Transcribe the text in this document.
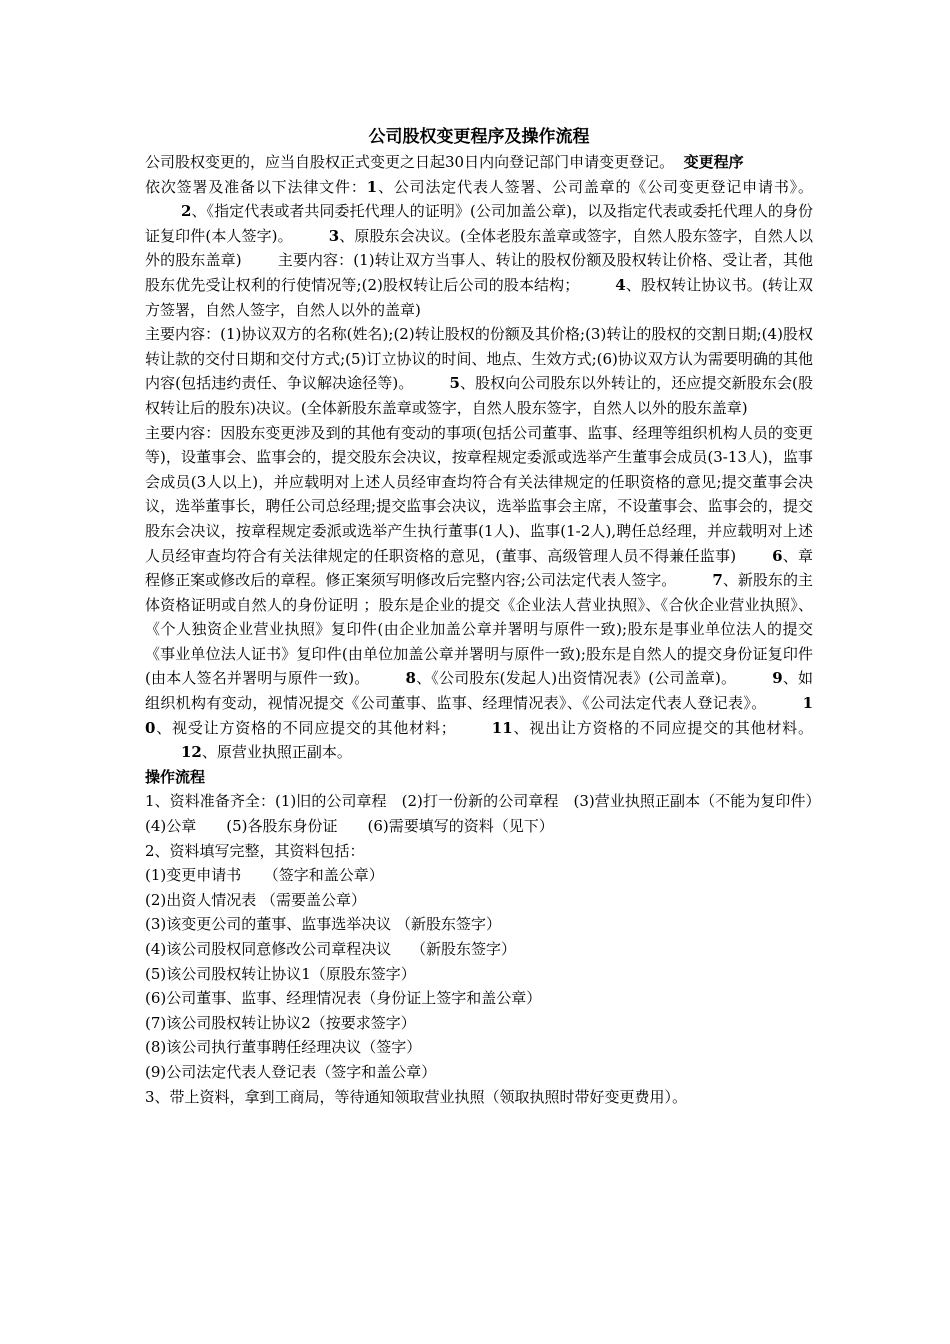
公司股权变更程序及操作流程

公司股权变更的，应当自股权正式变更之日起30日内向登记部门申请变更登记。 变更程序

依次签署及准备以下法律文件：1、公司法定代表人签署、公司盖章的《公司变更登记申请书》。2、《指定代表或者共同委托代理人的证明》(公司加盖公章)，以及指定代表或委托代理人的身份证复印件(本人签字)。 3、原股东会决议。(全体老股东盖章或签字，自然人股东签字，自然人以外的股东盖章) 主要内容：(1)转让双方当事人、转让的股权份额及股权转让价格、受让者，其他股东优先受让权利的行使情况等;(2)股权转让后公司的股本结构； 4、股权转让协议书。(转让双方签署，自然人签字，自然人以外的盖章)

主要内容：(1)协议双方的名称(姓名);(2)转让股权的份额及其价格;(3)转让的股权的交割日期;(4)股权转让款的交付日期和交付方式;(5)订立协议的时间、地点、生效方式;(6)协议双方认为需要明确的其他内容(包括违约责任、争议解决途径等)。 5、股权向公司股东以外转让的，还应提交新股东会(股权转让后的股东)决议。(全体新股东盖章或签字，自然人股东签字，自然人以外的股东盖章)

主要内容：因股东变更涉及到的其他有变动的事项(包括公司董事、监事、经理等组织机构人员的变更等)，设董事会、监事会的，提交股东会决议，按章程规定委派或选举产生董事会成员(3-13人)，监事会成员(3人以上)，并应载明对上述人员经审查均符合有关法律规定的任职资格的意见;提交董事会决议，选举董事长，聘任公司总经理;提交监事会决议，选举监事会主席，不设董事会、监事会的，提交股东会决议，按章程规定委派或选举产生执行董事(1人)、监事(1-2人),聘任总经理，并应载明对上述人员经审查均符合有关法律规定的任职资格的意见，(董事、高级管理人员不得兼任监事) 6、章程修正案或修改后的章程。修正案须写明修改后完整内容;公司法定代表人签字。 7、新股东的主体资格证明或自然人的身份证明 ；股东是企业的提交《企业法人营业执照》、《合伙企业营业执照》、《个人独资企业营业执照》复印件(由企业加盖公章并署明与原件一致);股东是事业单位法人的提交《事业单位法人证书》复印件(由单位加盖公章并署明与原件一致);股东是自然人的提交身份证复印件(由本人签名并署明与原件一致)。 8、《公司股东(发起人)出资情况表》(公司盖章)。 9、如组织机构有变动，视情况提交《公司董事、监事、经理情况表》、《公司法定代表人登记表》。 10、视受让方资格的不同应提交的其他材料； 11、视出让方资格的不同应提交的其他材料。12、原营业执照正副本。

操作流程

1、资料准备齐全：(1)旧的公司章程　(2)打一份新的公司章程　(3)营业执照正副本（不能为复印件）　(4)公章　　(5)各股东身份证　　(6)需要填写的资料（见下）

2、资料填写完整，其资料包括：

(1)变更申请书　　（签字和盖公章）
(2)出资人情况表 （需要盖公章）
(3)该变更公司的董事、监事选举决议 （新股东签字）
(4)该公司股权同意修改公司章程决议　 （新股东签字）
(5)该公司股权转让协议1（原股东签字）
(6)公司董事、监事、经理情况表（身份证上签字和盖公章）
(7)该公司股权转让协议2（按要求签字）
(8)该公司执行董事聘任经理决议（签字）
(9)公司法定代表人登记表（签字和盖公章）

3、带上资料，拿到工商局，等待通知领取营业执照（领取执照时带好变更费用）。
